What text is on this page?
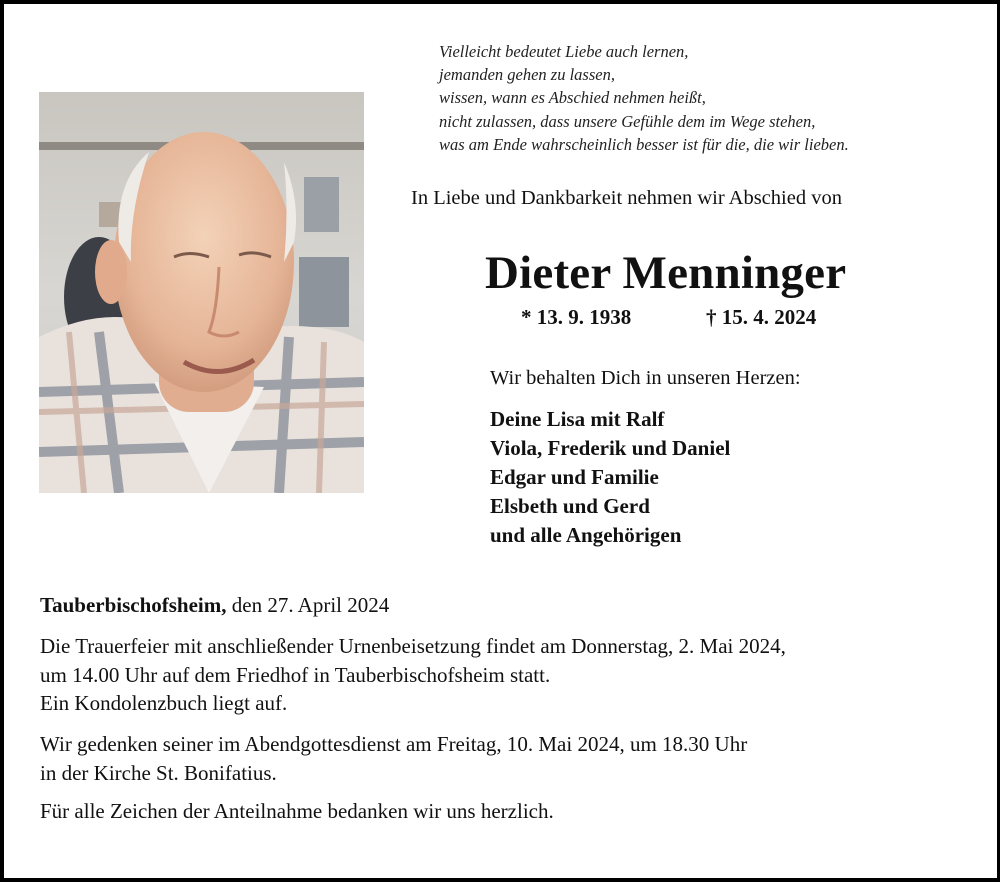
Vielleicht bedeutet Liebe auch lernen,
jemanden gehen zu lassen,
wissen, wann es Abschied nehmen heißt,
nicht zulassen, dass unsere Gefühle dem im Wege stehen,
was am Ende wahrscheinlich besser ist für die, die wir lieben.
In Liebe und Dankbarkeit nehmen wir Abschied von
Dieter Menninger
* 13. 9. 1938	† 15. 4. 2024
Wir behalten Dich in unseren Herzen:
Deine Lisa mit Ralf
Viola, Frederik und Daniel
Edgar und Familie
Elsbeth und Gerd
und alle Angehörigen
Tauberbischofsheim, den 27. April 2024
Die Trauerfeier mit anschließender Urnenbeisetzung findet am Donnerstag, 2. Mai 2024,
um 14.00 Uhr auf dem Friedhof in Tauberbischofsheim statt.
Ein Kondolenzbuch liegt auf.
Wir gedenken seiner im Abendgottesdienst am Freitag, 10. Mai 2024, um 18.30 Uhr
in der Kirche St. Bonifatius.
Für alle Zeichen der Anteilnahme bedanken wir uns herzlich.
